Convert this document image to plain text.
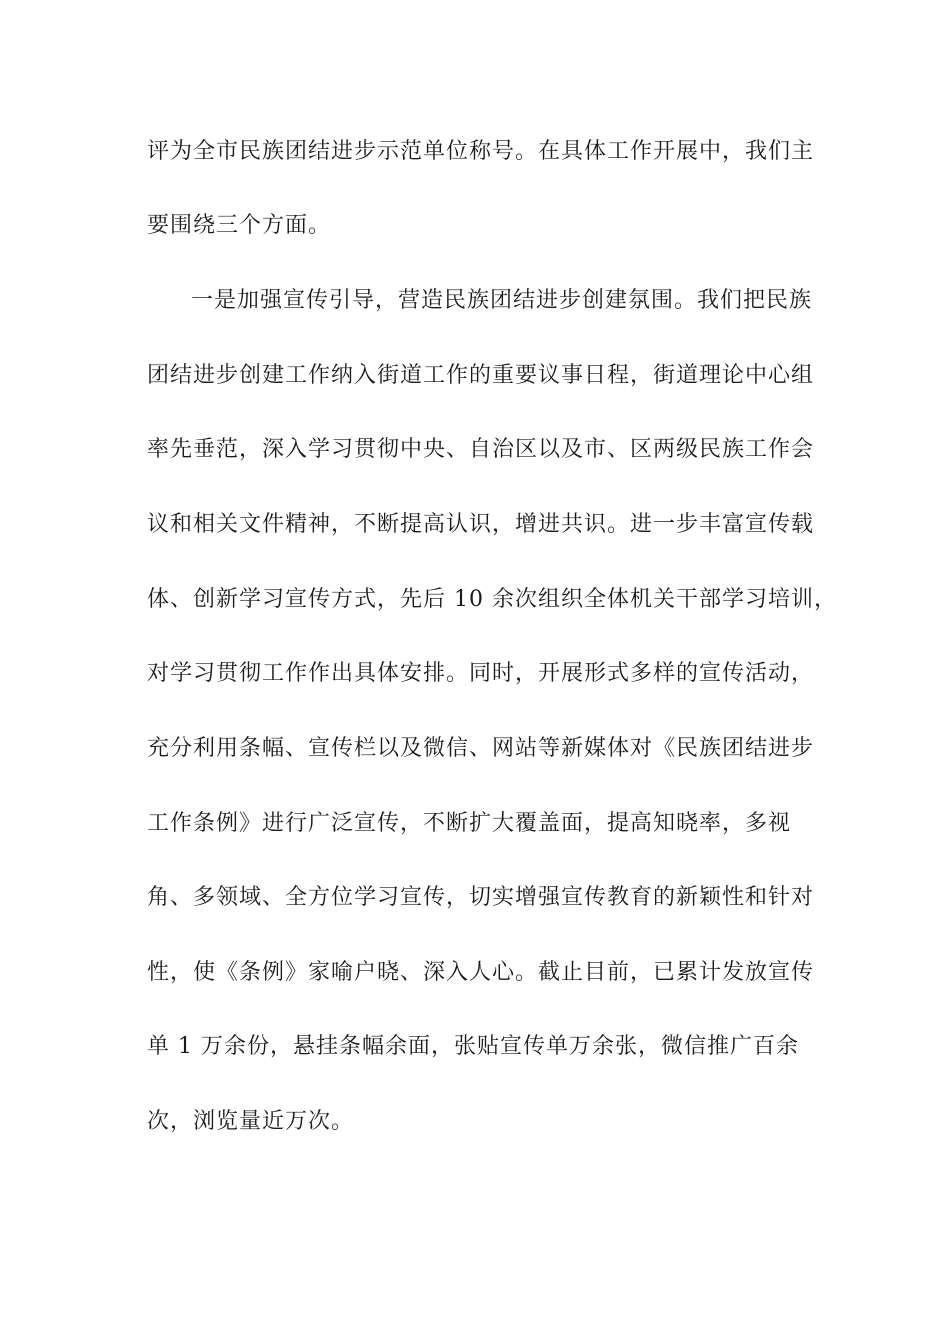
评为全市民族团结进步示范单位称号。在具体工作开展中，我们主
要围绕三个方面。
一是加强宣传引导，营造民族团结进步创建氛围。我们把民族
团结进步创建工作纳入街道工作的重要议事日程，街道理论中心组
率先垂范，深入学习贯彻中央、自治区以及市、区两级民族工作会
议和相关文件精神，不断提高认识，增进共识。进一步丰富宣传载
体、创新学习宣传方式，先后 10 余次组织全体机关干部学习培训，
对学习贯彻工作作出具体安排。同时，开展形式多样的宣传活动，
充分利用条幅、宣传栏以及微信、网站等新媒体对《民族团结进步
工作条例》进行广泛宣传，不断扩大覆盖面，提高知晓率，多视
角、多领域、全方位学习宣传，切实增强宣传教育的新颖性和针对
性，使《条例》家喻户晓、深入人心。截止目前，已累计发放宣传
单 1 万余份，悬挂条幅余面，张贴宣传单万余张，微信推广百余
次，浏览量近万次。
